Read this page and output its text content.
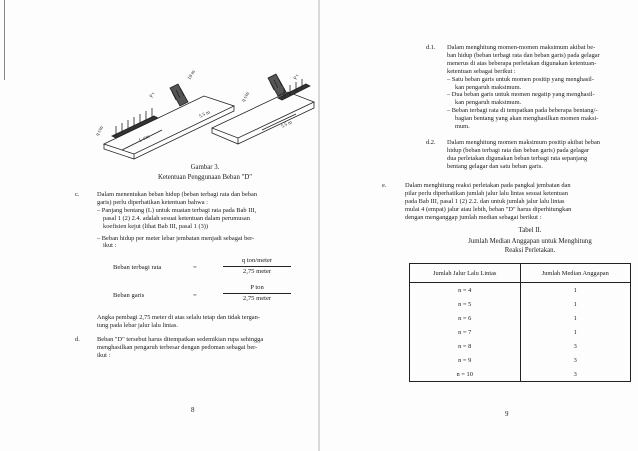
q t/m
P t
10 m
L t/m
5.5 m
q t/m
P t
5.5 m
Gambar 3.
Ketentuan Penggunaan Beban "D"
c.	Dalam menentukan beban hidup (beban terbagi rata dan beban
garis) perlu diperhatikan ketentuan bahwa :
– Panjang bentang (L) untuk muatan terbagi rata pada Bab III,
pasal 1 (2) 2.4. adalah sesuai ketentuan dalam perumusan
koefisien kejut (lihat Bab III, pasal 1 (3))
– Beban hidup per meter lebar jembatan menjadi sebagai ber-
ikut :
Beban terbagi rata	=
q ton/meter
2,75 meter
Beban garis	=
P ton
2,75 meter
Angka pembagi 2,75 meter di atas selalu tetap dan tidak tergan-
tung pada lebar jalur lalu lintas.
d.	Beban "D" tersebut harus ditempatkan sedemikian rupa sehingga
menghasilkan pengaruh terbesar dengan pedoman sebagai ber-
ikut :
8
d.1. Dalam menghitung momen-momen maksimum akibat be-
ban hidup (beban terbagi rata dan beban garis) pada gelagar
menerus di atas beberapa perletakan digunakan ketentuan-
ketentuan sebagai berikut :
– Satu beban garis untuk momen positip yang menghasil-
kan pengaruh maksimum.
– Dua beban garis untuk momen negatip yang menghasil-
kan pengaruh maksimum.
– Beban terbagi rata di tempatkan pada beberapa bentang/-
bagian bentang yang akan menghasilkan momen maksi-
mum.
d.2. Dalam menghitung momen maksimum positip akibat beban
hidup (beban terbagi rata dan beban garis) pada gelagar
dua perletakan digunakan beban terbagi rata sepanjang
bentang gelagar dan satu beban garis.
e.	Dalam menghitung reaksi perletakan pada pangkal jembatan dan
pilar perlu diperhatikan jumlah jalur lalu lintas sesuai ketentuan
pada Bab III, pasal 1 (2) 2.2. dan untuk jumlah jalur lalu lintas
mulai 4 (empat) jalur atau lebih, beban "D" harus diperhitungkan
dengan menganggap jumlah median sebagai berikut :
Tabel II.
Jumlah Median Anggapan untuk Menghitung
Reaksi Perletakan.
Jumlah Jalur Lalu Lintas	Jumlah Median Anggapan
n = 4	1
n = 5	1
n = 6	1
n = 7	1
n = 8	3
n = 9	3
n = 10	3
9
